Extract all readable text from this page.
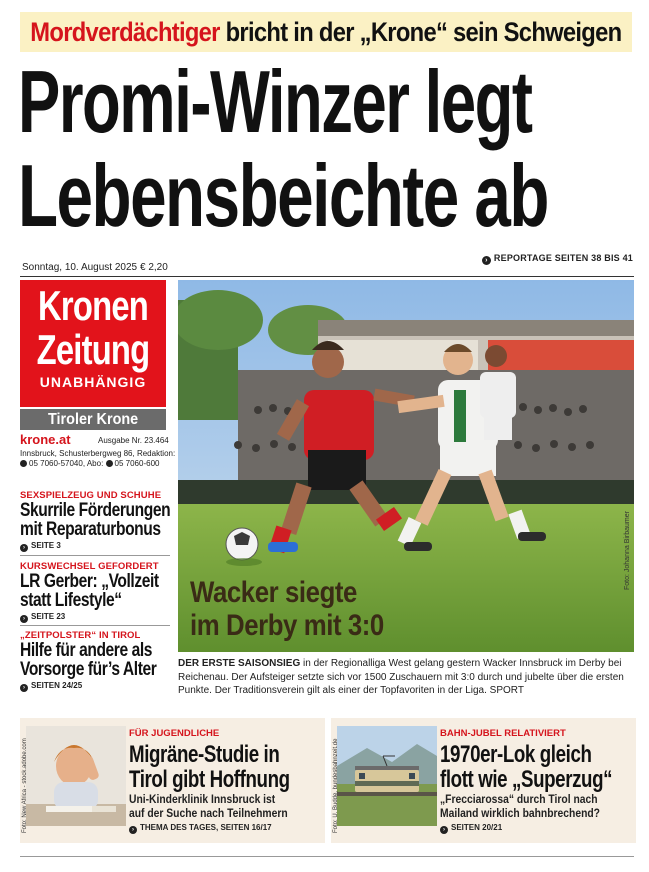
Mordverdächtiger bricht in der „Krone“ sein Schweigen
Promi-Winzer legt
Lebensbeichte ab
Sonntag, 10. August 2025 € 2,20
› REPORTAGE SEITEN 38 BIS 41
Kronen
Zeitung
UNABHÄNGIG
Tiroler Krone
krone.at	Ausgabe Nr. 23.464
Innsbruck, Schusterbergweg 86, Redaktion:
05 7060-57040, Abo: 05 7060-600
SEXSPIELZEUG UND SCHUHE
Skurrile Förderungen
mit Reparaturbonus
› SEITE 3
KURSWECHSEL GEFORDERT
LR Gerber: „Vollzeit
statt Lifestyle“
› SEITE 23
„ZEITPOLSTER“ IN TIROL
Hilfe für andere als
Vorsorge für’s Alter
› SEITEN 24/25
Wacker siegte
im Derby mit 3:0
Foto: Johanna Birbaumer
DER ERSTE SAISONSIEG in der Regionalliga West gelang gestern Wacker Innsbruck im Derby bei Reichenau. Der Aufsteiger setzte sich vor 1500 Zuschauern mit 3:0 durch und jubelte über die ersten Punkte. Der Traditionsverein gilt als einer der Topfavoriten in der Liga. SPORT
Foto: New Africa - stock.adobe.com
FÜR JUGENDLICHE
Migräne-Studie in
Tirol gibt Hoffnung
Uni-Kinderklinik Innsbruck ist
auf der Suche nach Teilnehmern
› THEMA DES TAGES, SEITEN 16/17	Foto: U. Budde, bundesbahnzeit.de
BAHN-JUBEL RELATIVIERT
1970er-Lok gleich
flott wie „Superzug“
„Frecciarossa“ durch Tirol nach
Mailand wirklich bahnbrechend?
› SEITEN 20/21
